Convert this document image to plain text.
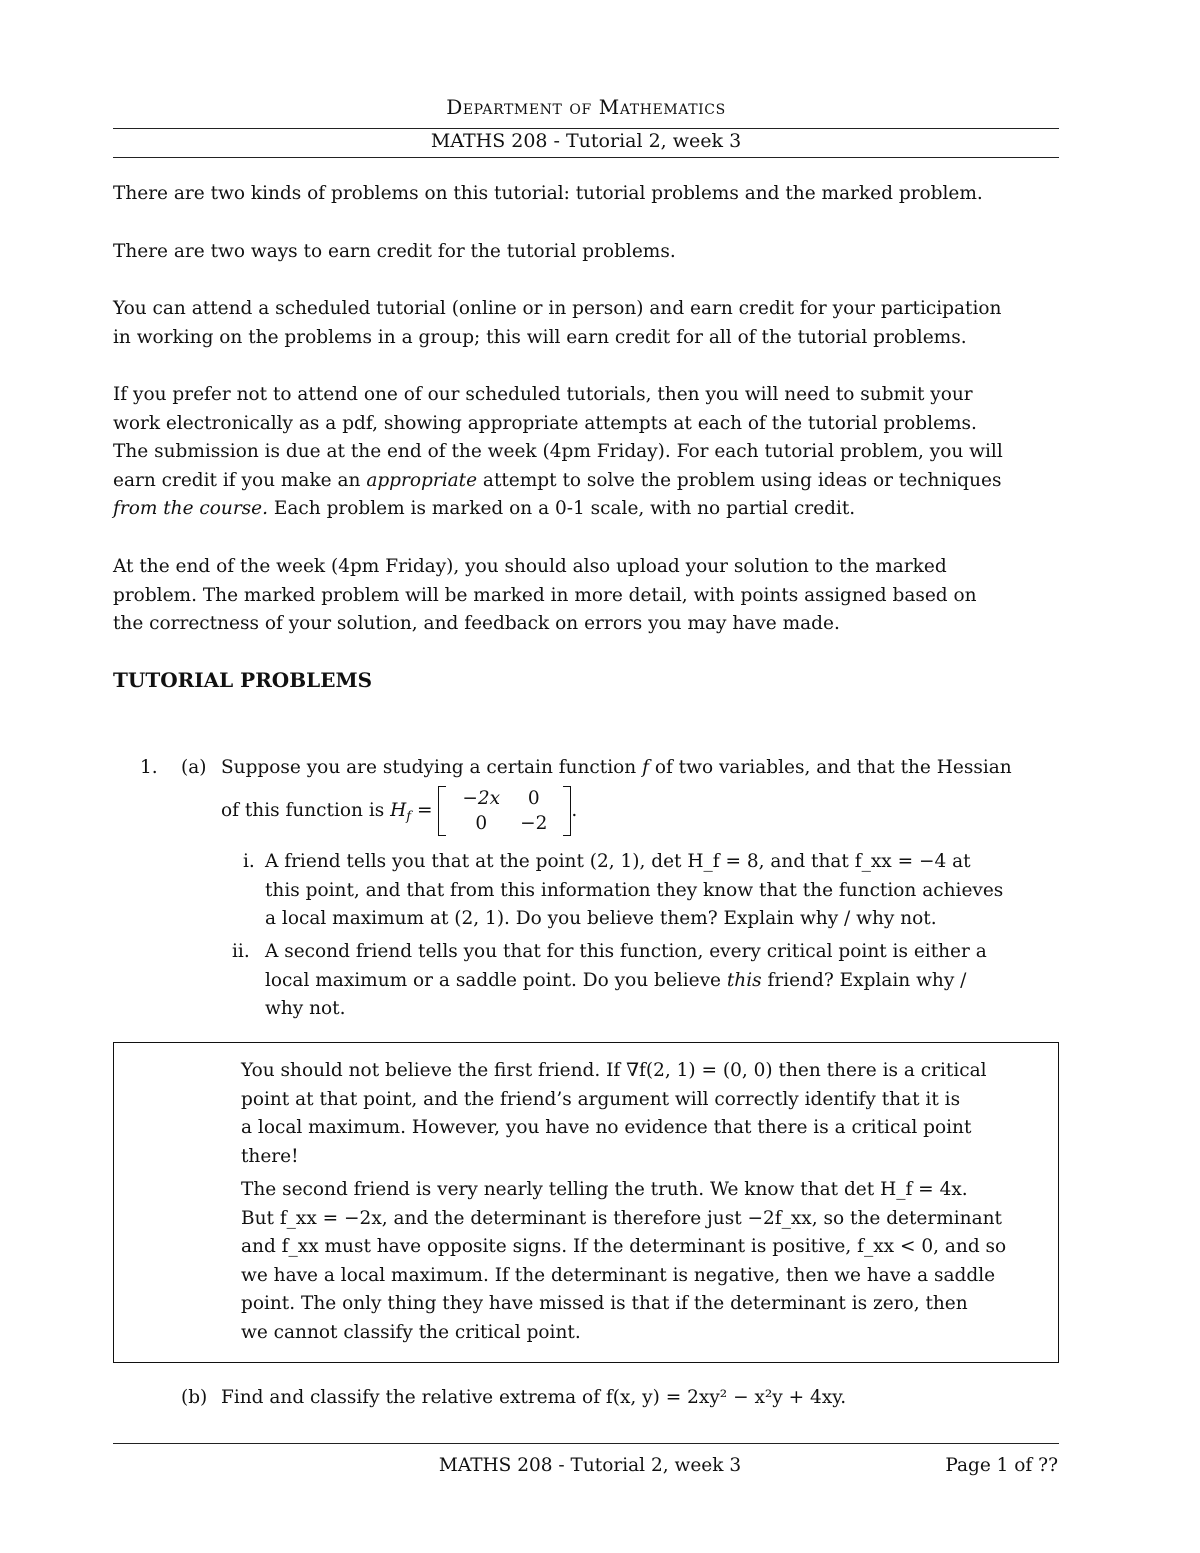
Department of Mathematics
MATHS 208 - Tutorial 2, week 3

There are two kinds of problems on this tutorial: tutorial problems and the marked problem.

There are two ways to earn credit for the tutorial problems.

You can attend a scheduled tutorial (online or in person) and earn credit for your participation
in working on the problems in a group; this will earn credit for all of the tutorial problems.
If you prefer not to attend one of our scheduled tutorials, then you will need to submit your
work electronically as a pdf, showing appropriate attempts at each of the tutorial problems.
The submission is due at the end of the week (4pm Friday). For each tutorial problem, you will
earn credit if you make an appropriate attempt to solve the problem using ideas or techniques
from the course. Each problem is marked on a 0-1 scale, with no partial credit.
At the end of the week (4pm Friday), you should also upload your solution to the marked
problem. The marked problem will be marked in more detail, with points assigned based on
the correctness of your solution, and feedback on errors you may have made.
TUTORIAL PROBLEMS
1. (a) Suppose you are studying a certain function f of two variables, and that the Hessian
of this function is $H_f$ =
−2x	0
0	−2
.
i. A friend tells you that at the point (2, 1), det H_f = 8, and that f_xx = −4 at
this point, and that from this information they know that the function achieves
a local maximum at (2, 1). Do you believe them? Explain why / why not.
ii. A second friend tells you that for this function, every critical point is either a
local maximum or a saddle point. Do you believe this friend? Explain why /
why not.
You should not believe the first friend. If ∇f(2, 1) = (0, 0) then there is a critical
point at that point, and the friend’s argument will correctly identify that it is
a local maximum. However, you have no evidence that there is a critical point
there!
The second friend is very nearly telling the truth. We know that det H_f = 4x.
But f_xx = −2x, and the determinant is therefore just −2f_xx, so the determinant
and f_xx must have opposite signs. If the determinant is positive, f_xx < 0, and so
we have a local maximum. If the determinant is negative, then we have a saddle
point. The only thing they have missed is that if the determinant is zero, then
we cannot classify the critical point.
(b) Find and classify the relative extrema of f(x, y) = 2xy² − x²y + 4xy.
MATHS 208 - Tutorial 2, week 3	Page 1 of ??
